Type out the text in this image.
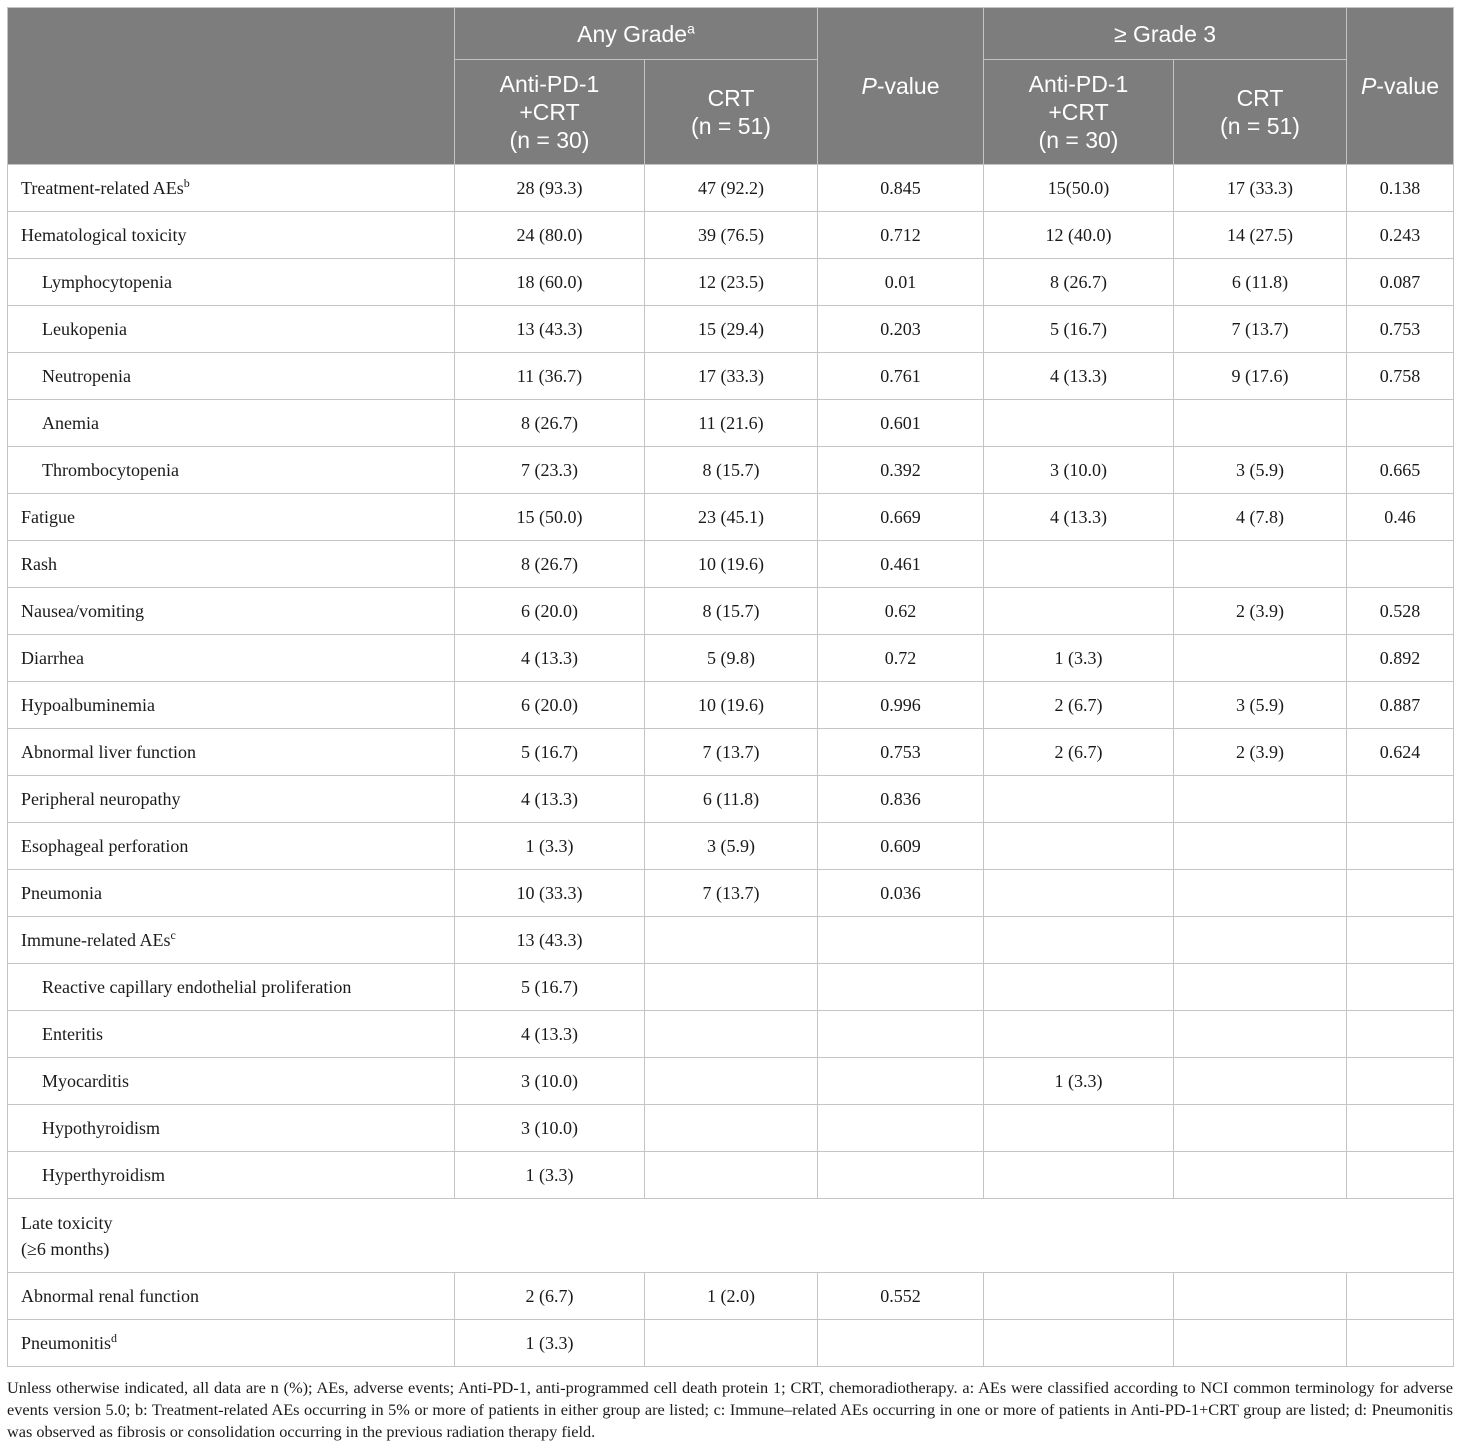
	Any Grade$^a$		P-value	≥ Grade 3		P-value

	Anti-PD-1
+CRT
(n = 30)	CRT
(n = 51)		Anti-PD-1
+CRT
(n = 30)	CRT
(n = 51)	

Treatment-related AEs$^b$	28 (93.3)	47 (92.2)	0.845	15(50.0)	17 (33.3)	0.138
Hematological toxicity	24 (80.0)	39 (76.5)	0.712	12 (40.0)	14 (27.5)	0.243
Lymphocytopenia	18 (60.0)	12 (23.5)	0.01	8 (26.7)	6 (11.8)	0.087
Leukopenia	13 (43.3)	15 (29.4)	0.203	5 (16.7)	7 (13.7)	0.753
Neutropenia	11 (36.7)	17 (33.3)	0.761	4 (13.3)	9 (17.6)	0.758
Anemia	8 (26.7)	11 (21.6)	0.601			
Thrombocytopenia	7 (23.3)	8 (15.7)	0.392	3 (10.0)	3 (5.9)	0.665
Fatigue	15 (50.0)	23 (45.1)	0.669	4 (13.3)	4 (7.8)	0.46
Rash	8 (26.7)	10 (19.6)	0.461			
Nausea/vomiting	6 (20.0)	8 (15.7)	0.62		2 (3.9)	0.528
Diarrhea	4 (13.3)	5 (9.8)	0.72	1 (3.3)		0.892
Hypoalbuminemia	6 (20.0)	10 (19.6)	0.996	2 (6.7)	3 (5.9)	0.887
Abnormal liver function	5 (16.7)	7 (13.7)	0.753	2 (6.7)	2 (3.9)	0.624
Peripheral neuropathy	4 (13.3)	6 (11.8)	0.836			
Esophageal perforation	1 (3.3)	3 (5.9)	0.609			
Pneumonia	10 (33.3)	7 (13.7)	0.036			
Immune-related AEs$^c$	13 (43.3)					
Reactive capillary endothelial proliferation	5 (16.7)					
Enteritis	4 (13.3)					
Myocarditis	3 (10.0)			1 (3.3)		
Hypothyroidism	3 (10.0)					
Hyperthyroidism	1 (3.3)					
Late toxicity
(≥6 months)						
Abnormal renal function	2 (6.7)	1 (2.0)	0.552			
Pneumonitis$^d$	1 (3.3)					

Unless otherwise indicated, all data are n (%); AEs, adverse events; Anti-PD-1, anti-programmed cell death protein 1; CRT, chemoradiotherapy. a: AEs were classified according to NCI common terminology for adverse events version 5.0; b: Treatment-related AEs occurring in 5% or more of patients in either group are listed; c: Immune–related AEs occurring in one or more of patients in Anti-PD-1+CRT group are listed; d: Pneumonitis was observed as fibrosis or consolidation occurring in the previous radiation therapy field.
